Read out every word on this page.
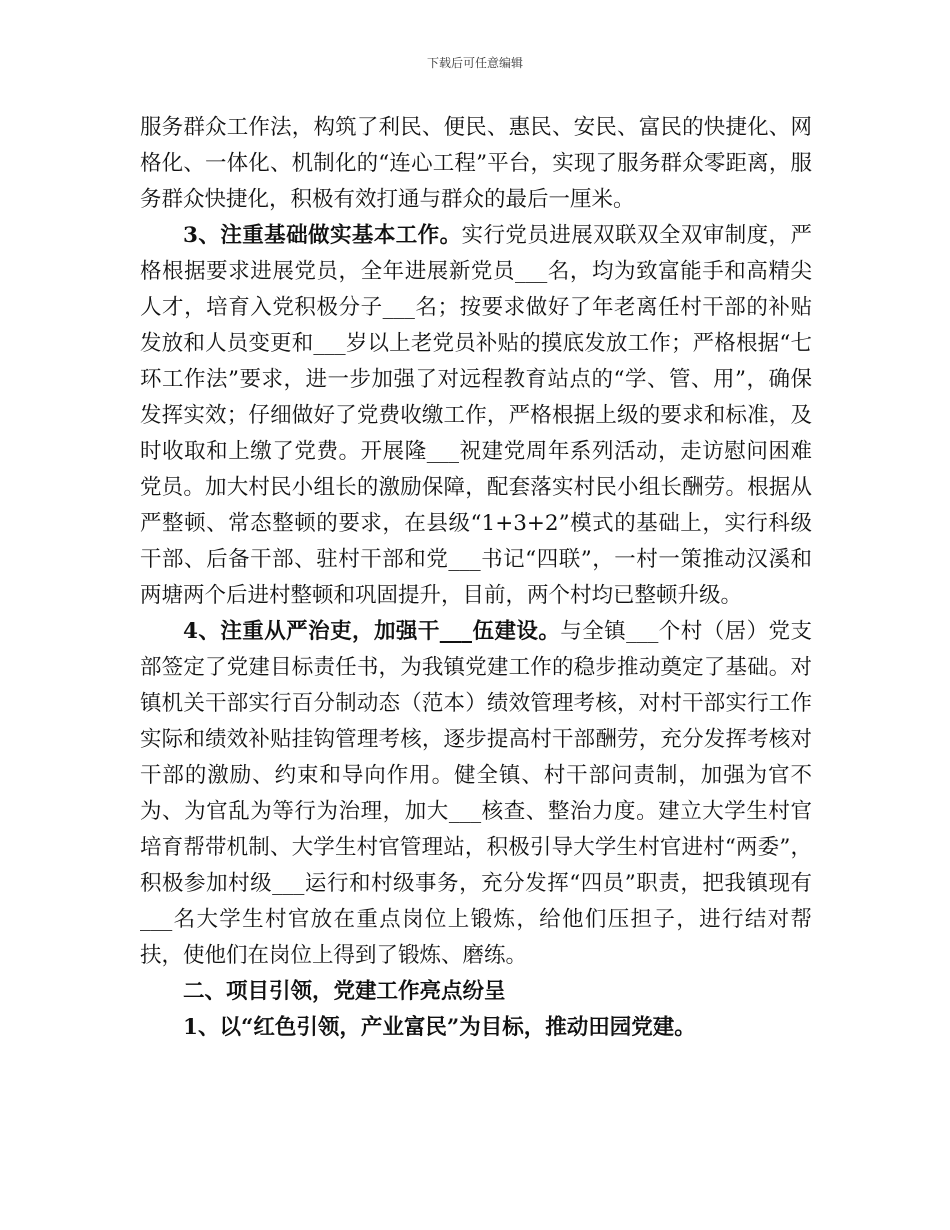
下载后可任意编辑

服务群众工作法，构筑了利民、便民、惠民、安民、富民的快捷化、网格化、一体化、机制化的“连心工程”平台，实现了服务群众零距离，服务群众快捷化，积极有效打通与群众的最后一厘米。

3、注重基础做实基本工作。实行党员进展双联双全双审制度，严格根据要求进展党员，全年进展新党员___名，均为致富能手和高精尖人才，培育入党积极分子___名；按要求做好了年老离任村干部的补贴发放和人员变更和___岁以上老党员补贴的摸底发放工作；严格根据“七环工作法”要求，进一步加强了对远程教育站点的“学、管、用”，确保发挥实效；仔细做好了党费收缴工作，严格根据上级的要求和标准，及时收取和上缴了党费。开展隆___祝建党周年系列活动，走访慰问困难党员。加大村民小组长的激励保障，配套落实村民小组长酬劳。根据从严整顿、常态整顿的要求，在县级“1+3+2”模式的基础上，实行科级干部、后备干部、驻村干部和党___书记“四联”，一村一策推动汉溪和两塘两个后进村整顿和巩固提升，目前，两个村均已整顿升级。

4、注重从严治吏，加强干___伍建设。与全镇___个村（居）党支部签定了党建目标责任书，为我镇党建工作的稳步推动奠定了基础。对镇机关干部实行百分制动态（范本）绩效管理考核，对村干部实行工作实际和绩效补贴挂钩管理考核，逐步提高村干部酬劳，充分发挥考核对干部的激励、约束和导向作用。健全镇、村干部问责制，加强为官不为、为官乱为等行为治理，加大___核查、整治力度。建立大学生村官培育帮带机制、大学生村官管理站，积极引导大学生村官进村“两委”，积极参加村级___运行和村级事务，充分发挥“四员”职责，把我镇现有___名大学生村官放在重点岗位上锻炼，给他们压担子，进行结对帮扶，使他们在岗位上得到了锻炼、磨练。

二、项目引领，党建工作亮点纷呈

1、以“红色引领，产业富民”为目标，推动田园党建。
